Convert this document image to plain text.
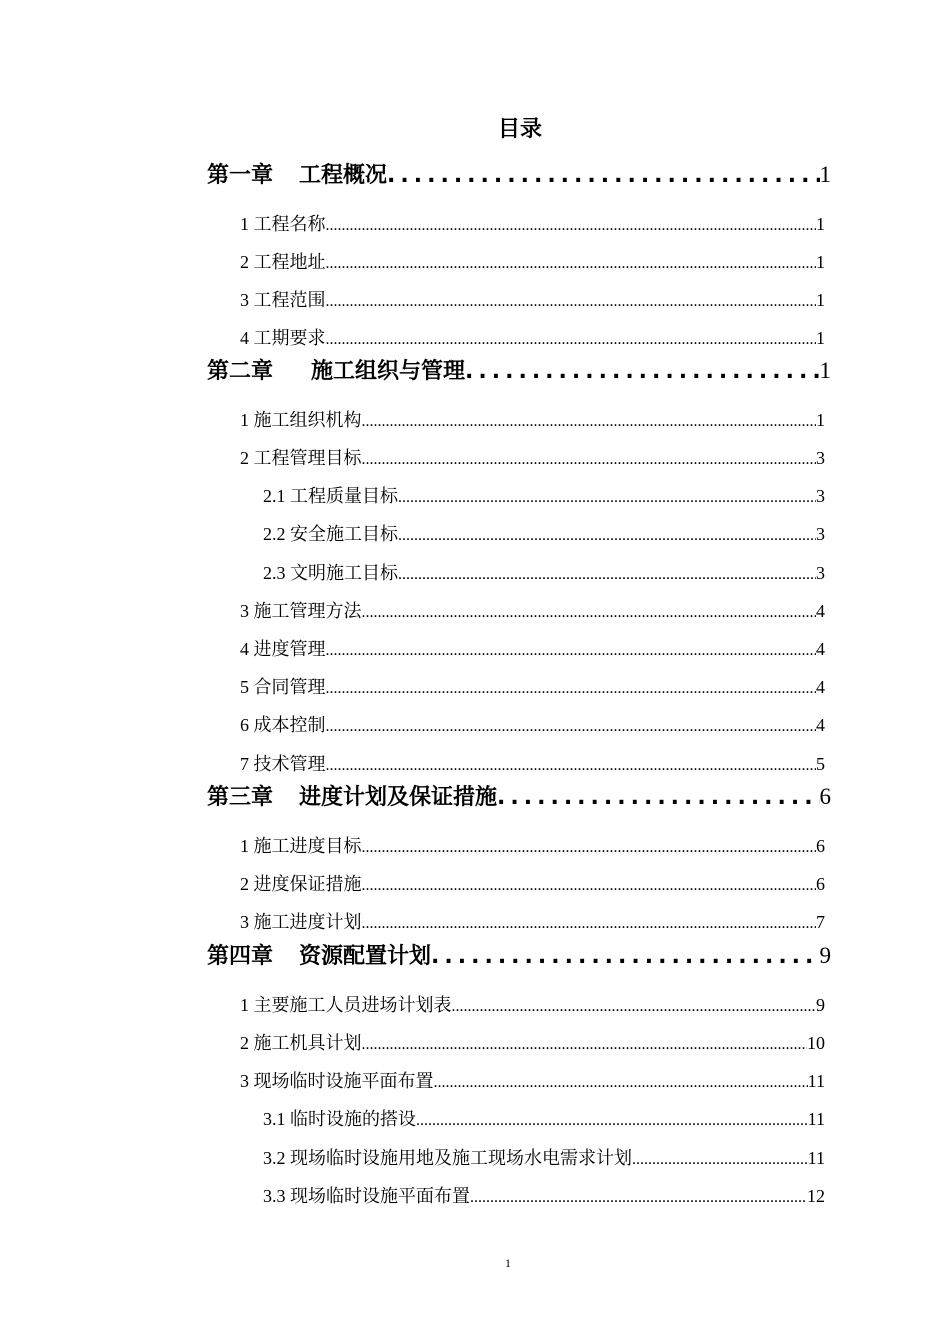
目录
第一章 工程概况 .....	1
1 工程名称 .....	1
2 工程地址 .....	1
3 工程范围 .....	1
4 工期要求 .....	1
第二章 施工组织与管理 .....	1
1 施工组织机构 .....	1
2 工程管理目标 .....	3
2.1 工程质量目标 .....	3
2.2 安全施工目标 .....	3
2.3 文明施工目标 .....	3
3 施工管理方法 .....	4
4 进度管理 .....	4
5 合同管理 .....	4
6 成本控制 .....	4
7 技术管理 .....	5
第三章 进度计划及保证措施 .....	6
1 施工进度目标 .....	6
2 进度保证措施 .....	6
3 施工进度计划 .....	7
第四章 资源配置计划 .....	9
1 主要施工人员进场计划表 .....	9
2 施工机具计划 .....	10
3 现场临时设施平面布置 .....	11
3.1 临时设施的搭设 .....	11
3.2 现场临时设施用地及施工现场水电需求计划 .....	11
3.3 现场临时设施平面布置 .....	12
1
